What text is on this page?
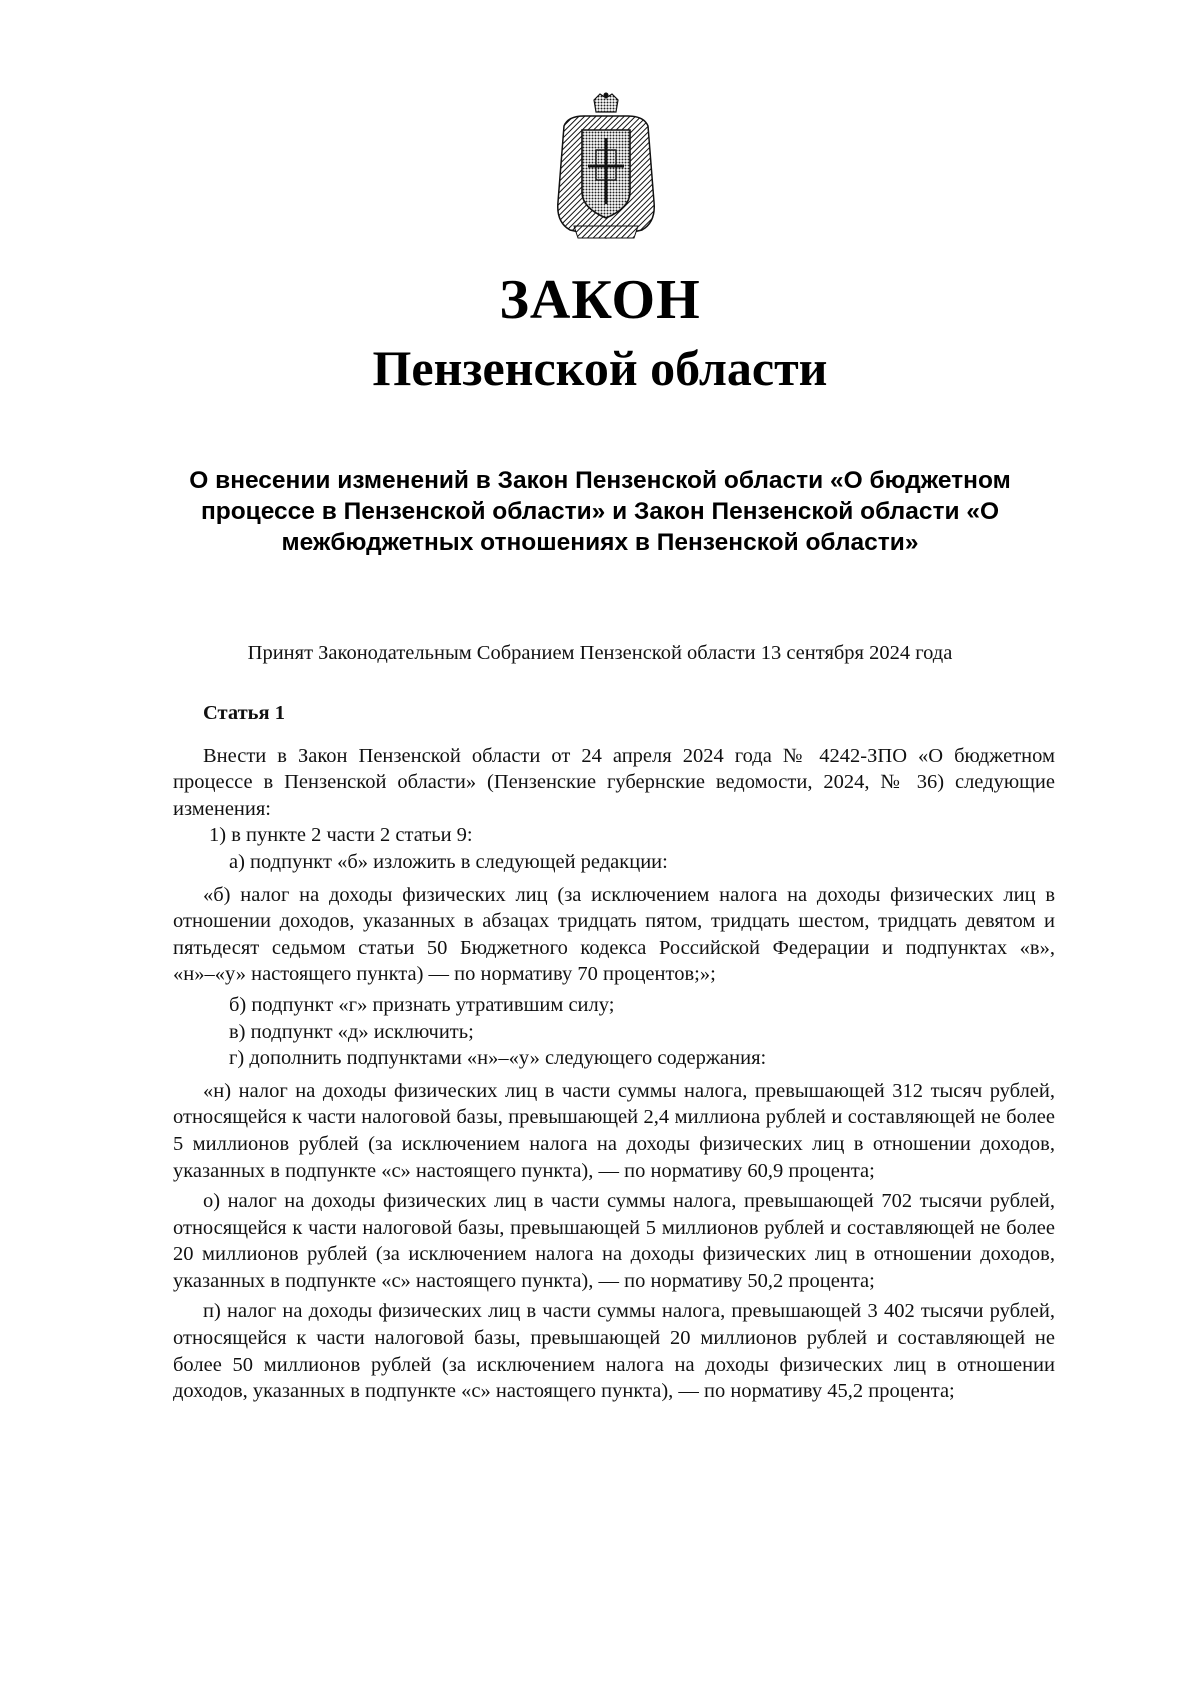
ЗАКОН
Пензенской области
О внесении изменений в Закон Пензенской области «О бюджетном процессе в Пензенской области» и Закон Пензенской области «О межбюджетных отношениях в Пензенской области»
Принят Законодательным Собранием Пензенской области 13 сентября 2024 года

Статья 1

Внести в Закон Пензенской области от 24 апреля 2024 года № 4242-ЗПО «О бюджетном процессе в Пензенской области» (Пензенские губернские ведомости, 2024, № 36) следующие изменения:

1) в пункте 2 части 2 статьи 9:

а) подпункт «б» изложить в следующей редакции:

«б) налог на доходы физических лиц (за исключением налога на доходы физических лиц в отношении доходов, указанных в абзацах тридцать пятом, тридцать шестом, тридцать девятом и пятьдесят седьмом статьи 50 Бюджетного кодекса Российской Федерации и подпунктах «в», «н»–«у» настоящего пункта) — по нормативу 70 процентов;»;

б) подпункт «г» признать утратившим силу;

в) подпункт «д» исключить;

г) дополнить подпунктами «н»–«у» следующего содержания:

«н) налог на доходы физических лиц в части суммы налога, превышающей 312 тысяч рублей, относящейся к части налоговой базы, превышающей 2,4 миллиона рублей и составляющей не более 5 миллионов рублей (за исключением налога на доходы физических лиц в отношении доходов, указанных в подпункте «с» настоящего пункта), — по нормативу 60,9 процента;

о) налог на доходы физических лиц в части суммы налога, превышающей 702 тысячи рублей, относящейся к части налоговой базы, превышающей 5 миллионов рублей и составляющей не более 20 миллионов рублей (за исключением налога на доходы физических лиц в отношении доходов, указанных в подпункте «с» настоящего пункта), — по нормативу 50,2 процента;

п) налог на доходы физических лиц в части суммы налога, превышающей 3 402 тысячи рублей, относящейся к части налоговой базы, превышающей 20 миллионов рублей и составляющей не более 50 миллионов рублей (за исключением налога на доходы физических лиц в отношении доходов, указанных в подпункте «с» настоящего пункта), — по нормативу 45,2 процента;
